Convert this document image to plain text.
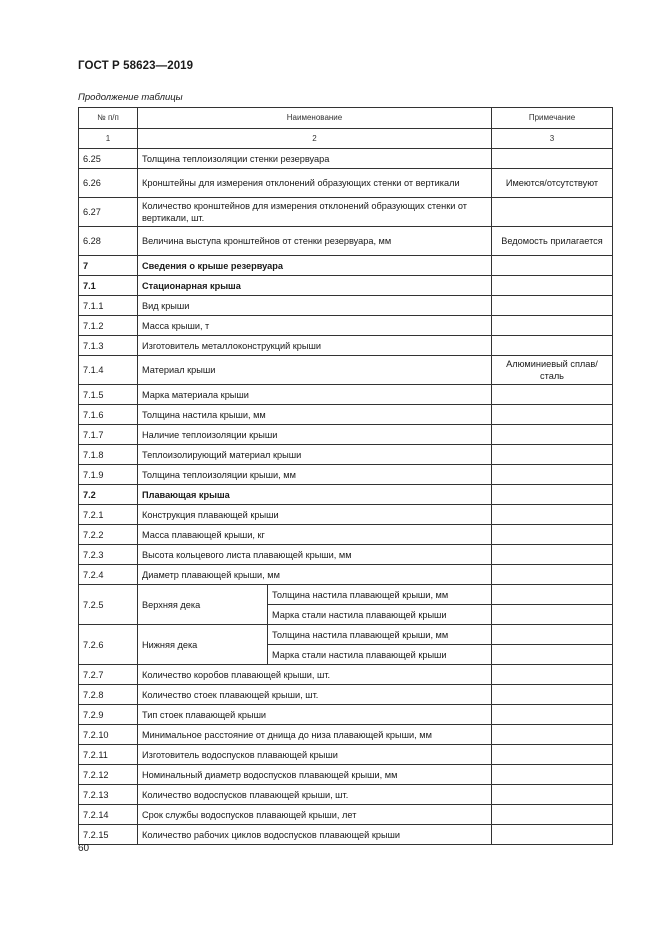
ГОСТ Р 58623—2019
Продолжение таблицы
№ п/п	Наименование		Примечание
1	2		3
6.25	Толщина теплоизоляции стенки резервуара		
6.26	Кронштейны для измерения отклонений образующих стенки от вертикали		Имеются/отсутствуют
6.27	Количество кронштейнов для измерения отклонений образующих стенки от вертикали, шт.		
6.28	Величина выступа кронштейнов от стенки резервуара, мм		Ведомость прилагается
7	Сведения о крыше резервуара		
7.1	Стационарная крыша		
7.1.1	Вид крыши		
7.1.2	Масса крыши, т		
7.1.3	Изготовитель металлоконструкций крыши		
7.1.4	Материал крыши		Алюминиевый сплав/сталь
7.1.5	Марка материала крыши		
7.1.6	Толщина настила крыши, мм		
7.1.7	Наличие теплоизоляции крыши		
7.1.8	Теплоизолирующий материал крыши		
7.1.9	Толщина теплоизоляции крыши, мм		
7.2	Плавающая крыша		
7.2.1	Конструкция плавающей крыши		
7.2.2	Масса плавающей крыши, кг		
7.2.3	Высота кольцевого листа плавающей крыши, мм		
7.2.4	Диаметр плавающей крыши, мм		
7.2.5	Верхняя дека	Толщина настила плавающей крыши, мм	
		Марка стали настила плавающей крыши	
7.2.6	Нижняя дека	Толщина настила плавающей крыши, мм	
		Марка стали настила плавающей крыши	
7.2.7	Количество коробов плавающей крыши, шт.		
7.2.8	Количество стоек плавающей крыши, шт.		
7.2.9	Тип стоек плавающей крыши		
7.2.10	Минимальное расстояние от днища до низа плавающей крыши, мм		
7.2.11	Изготовитель водоспусков плавающей крыши		
7.2.12	Номинальный диаметр водоспусков плавающей крыши, мм		
7.2.13	Количество водоспусков плавающей крыши, шт.		
7.2.14	Срок службы водоспусков плавающей крыши, лет		
7.2.15	Количество рабочих циклов водоспусков плавающей крыши		
60
